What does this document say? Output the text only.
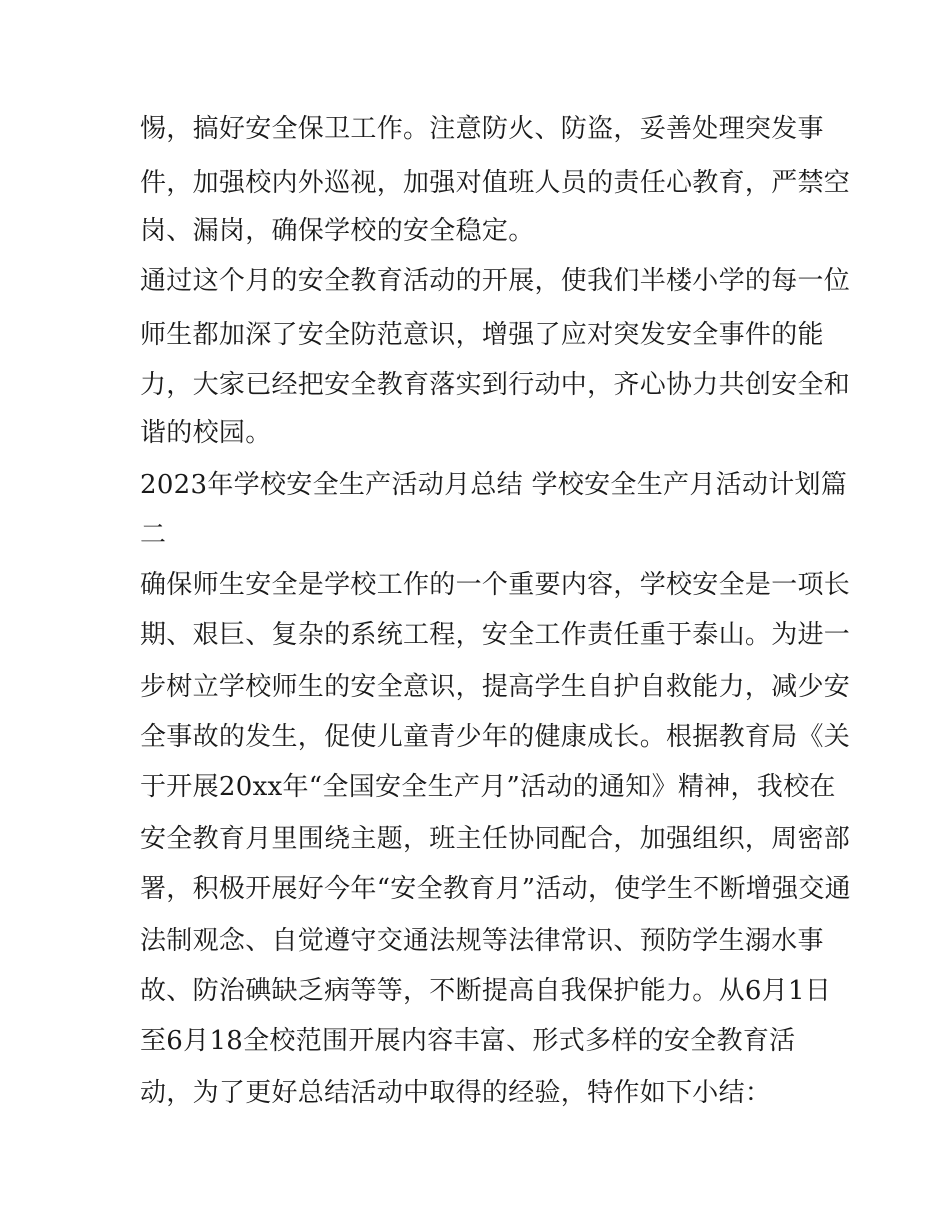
惕，搞好安全保卫工作。注意防火、防盗，妥善处理突发事
件，加强校内外巡视，加强对值班人员的责任心教育，严禁空
岗、漏岗，确保学校的安全稳定。
通过这个月的安全教育活动的开展，使我们半楼小学的每一位
师生都加深了安全防范意识，增强了应对突发安全事件的能
力，大家已经把安全教育落实到行动中，齐心协力共创安全和
谐的校园。
2023年学校安全生产活动月总结 学校安全生产月活动计划篇
二
确保师生安全是学校工作的一个重要内容，学校安全是一项长
期、艰巨、复杂的系统工程，安全工作责任重于泰山。为进一
步树立学校师生的安全意识，提高学生自护自救能力，减少安
全事故的发生，促使儿童青少年的健康成长。根据教育局《关
于开展20xx年“全国安全生产月”活动的通知》精神，我校在
安全教育月里围绕主题，班主任协同配合，加强组织，周密部
署，积极开展好今年“安全教育月”活动，使学生不断增强交通
法制观念、自觉遵守交通法规等法律常识、预防学生溺水事
故、防治碘缺乏病等等，不断提高自我保护能力。从6月1日
至6月18全校范围开展内容丰富、形式多样的安全教育活
动，为了更好总结活动中取得的经验，特作如下小结：
